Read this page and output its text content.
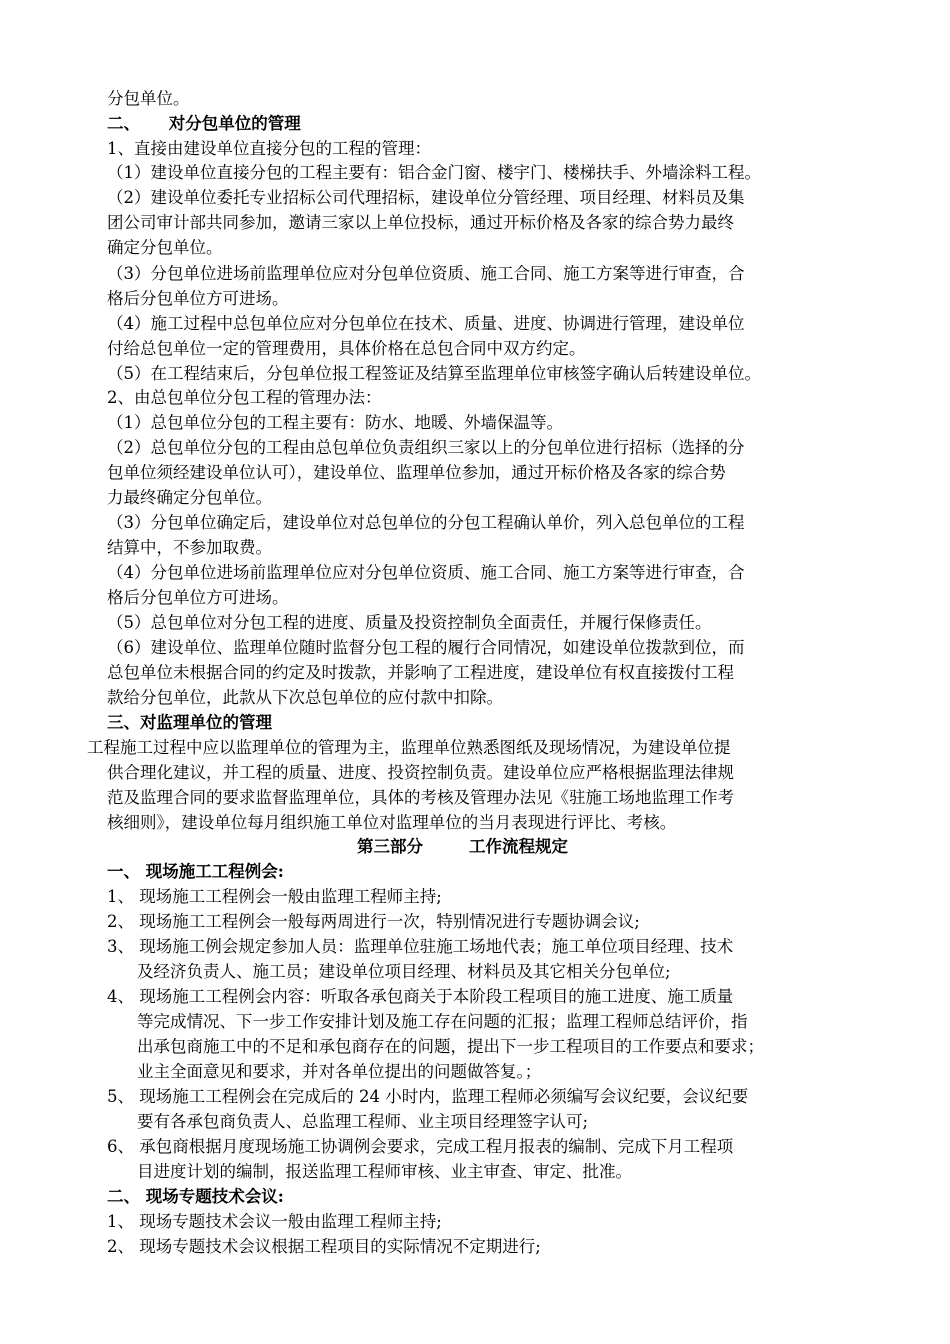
分包单位。
二、     对分包单位的管理
1、直接由建设单位直接分包的工程的管理：
（1）建设单位直接分包的工程主要有：铝合金门窗、楼宇门、楼梯扶手、外墙涂料工程。
（2）建设单位委托专业招标公司代理招标，建设单位分管经理、项目经理、材料员及集
团公司审计部共同参加，邀请三家以上单位投标，通过开标价格及各家的综合势力最终
确定分包单位。
（3）分包单位进场前监理单位应对分包单位资质、施工合同、施工方案等进行审查，合
格后分包单位方可进场。
（4）施工过程中总包单位应对分包单位在技术、质量、进度、协调进行管理，建设单位
付给总包单位一定的管理费用，具体价格在总包合同中双方约定。
（5）在工程结束后，分包单位报工程签证及结算至监理单位审核签字确认后转建设单位。
2、由总包单位分包工程的管理办法：
（1）总包单位分包的工程主要有：防水、地暖、外墙保温等。
（2）总包单位分包的工程由总包单位负责组织三家以上的分包单位进行招标（选择的分
包单位须经建设单位认可），建设单位、监理单位参加，通过开标价格及各家的综合势
力最终确定分包单位。
（3）分包单位确定后，建设单位对总包单位的分包工程确认单价，列入总包单位的工程
结算中，不参加取费。
（4）分包单位进场前监理单位应对分包单位资质、施工合同、施工方案等进行审查，合
格后分包单位方可进场。
（5）总包单位对分包工程的进度、质量及投资控制负全面责任，并履行保修责任。
（6）建设单位、监理单位随时监督分包工程的履行合同情况，如建设单位拨款到位，而
总包单位未根据合同的约定及时拨款，并影响了工程进度，建设单位有权直接拨付工程
款给分包单位，此款从下次总包单位的应付款中扣除。
三、对监理单位的管理
工程施工过程中应以监理单位的管理为主，监理单位熟悉图纸及现场情况，为建设单位提
供合理化建议，并工程的质量、进度、投资控制负责。建设单位应严格根据监理法律规
范及监理合同的要求监督监理单位，具体的考核及管理办法见《驻施工场地监理工作考
核细则》，建设单位每月组织施工单位对监理单位的当月表现进行评比、考核。
第三部分        工作流程规定
一、 现场施工工程例会:
1、 现场施工工程例会一般由监理工程师主持;
2、 现场施工工程例会一般每两周进行一次，特别情况进行专题协调会议;
3、 现场施工例会规定参加人员：监理单位驻施工场地代表；施工单位项目经理、技术
及经济负责人、施工员；建设单位项目经理、材料员及其它相关分包单位;
4、 现场施工工程例会内容：听取各承包商关于本阶段工程项目的施工进度、施工质量
等完成情况、下一步工作安排计划及施工存在问题的汇报；监理工程师总结评价，指
出承包商施工中的不足和承包商存在的问题，提出下一步工程项目的工作要点和要求；
业主全面意见和要求，并对各单位提出的问题做答复。；
5、 现场施工工程例会在完成后的 24 小时内，监理工程师必须编写会议纪要，会议纪要
要有各承包商负责人、总监理工程师、业主项目经理签字认可;
6、 承包商根据月度现场施工协调例会要求，完成工程月报表的编制、完成下月工程项
目进度计划的编制，报送监理工程师审核、业主审查、审定、批准。
二、 现场专题技术会议:
1、 现场专题技术会议一般由监理工程师主持;
2、 现场专题技术会议根据工程项目的实际情况不定期进行;
